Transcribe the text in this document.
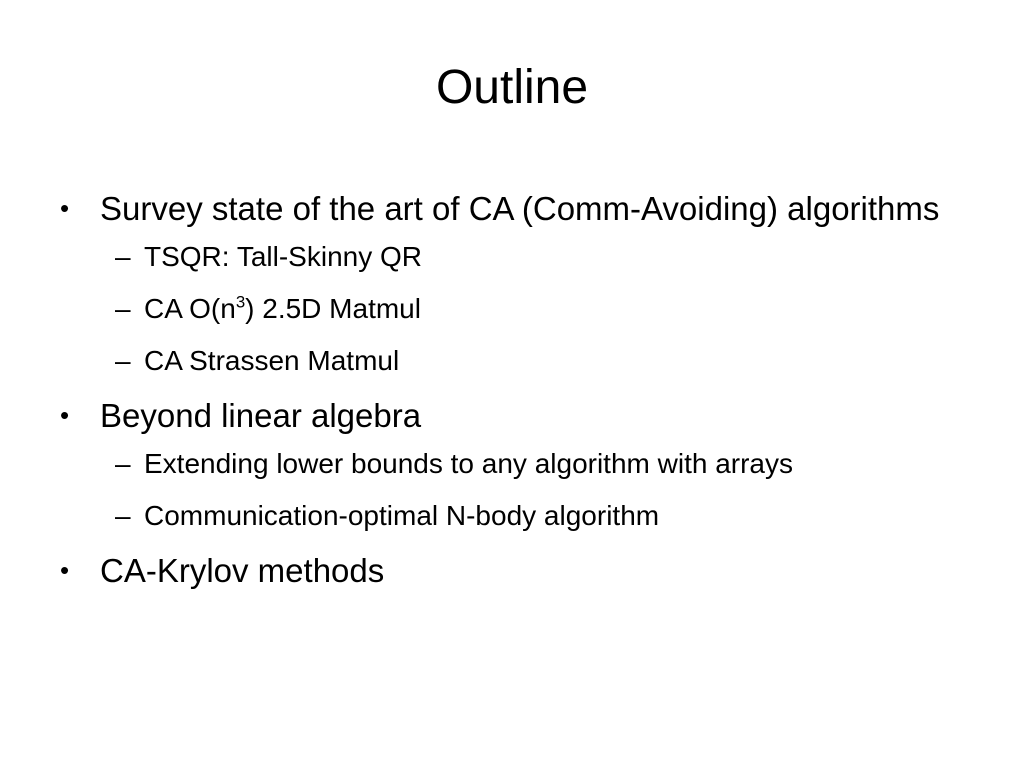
Outline
• Survey state of the art of CA (Comm-Avoiding) algorithms
– TSQR: Tall-Skinny QR
– CA $O(n^3)$ 2.5D Matmul
– CA Strassen Matmul
• Beyond linear algebra
– Extending lower bounds to any algorithm with arrays
– Communication-optimal N-body algorithm
• CA-Krylov methods
